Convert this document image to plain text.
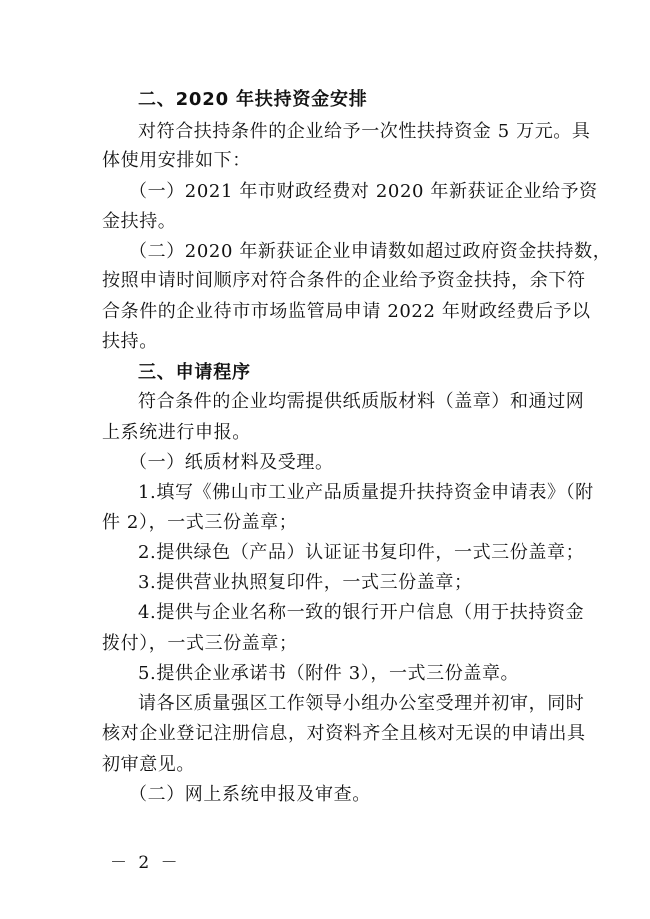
二、2020 年扶持资金安排
对符合扶持条件的企业给予一次性扶持资金 5 万元。具
体使用安排如下：
（一）2021 年市财政经费对 2020 年新获证企业给予资
金扶持。
（二）2020 年新获证企业申请数如超过政府资金扶持数，
按照申请时间顺序对符合条件的企业给予资金扶持，余下符
合条件的企业待市市场监管局申请 2022 年财政经费后予以
扶持。
三、申请程序
符合条件的企业均需提供纸质版材料（盖章）和通过网
上系统进行申报。
（一）纸质材料及受理。
1.填写《佛山市工业产品质量提升扶持资金申请表》（附
件 2），一式三份盖章；
2.提供绿色（产品）认证证书复印件，一式三份盖章；
3.提供营业执照复印件，一式三份盖章；
4.提供与企业名称一致的银行开户信息（用于扶持资金
拨付），一式三份盖章；
5.提供企业承诺书（附件 3），一式三份盖章。
请各区质量强区工作领导小组办公室受理并初审，同时
核对企业登记注册信息，对资料齐全且核对无误的申请出具
初审意见。
（二）网上系统申报及审查。
－ 2 －
